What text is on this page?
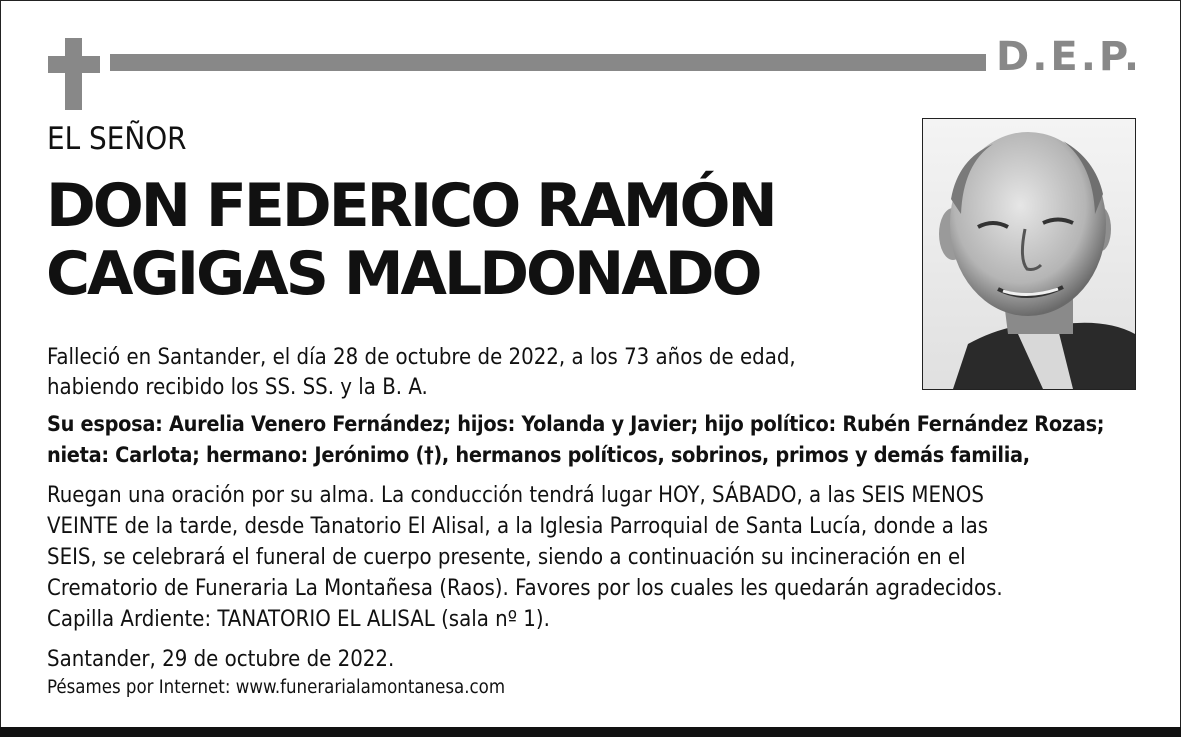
D.E.P.
EL SEÑOR
DON FEDERICO RAMÓN
CAGIGAS MALDONADO
Falleció en Santander, el día 28 de octubre de 2022, a los 73 años de edad,
habiendo recibido los SS. SS. y la B. A.
Su esposa: Aurelia Venero Fernández; hijos: Yolanda y Javier; hijo político: Rubén Fernández Rozas;
nieta: Carlota; hermano: Jerónimo (†), hermanos políticos, sobrinos, primos y demás familia,
Ruegan una oración por su alma. La conducción tendrá lugar HOY, SÁBADO, a las SEIS MENOS
VEINTE de la tarde, desde Tanatorio El Alisal, a la Iglesia Parroquial de Santa Lucía, donde a las
SEIS, se celebrará el funeral de cuerpo presente, siendo a continuación su incineración en el
Crematorio de Funeraria La Montañesa (Raos). Favores por los cuales les quedarán agradecidos.
Capilla Ardiente: TANATORIO EL ALISAL (sala nº 1).
Santander, 29 de octubre de 2022.
Pésames por Internet: www.funerarialamontanesa.com
